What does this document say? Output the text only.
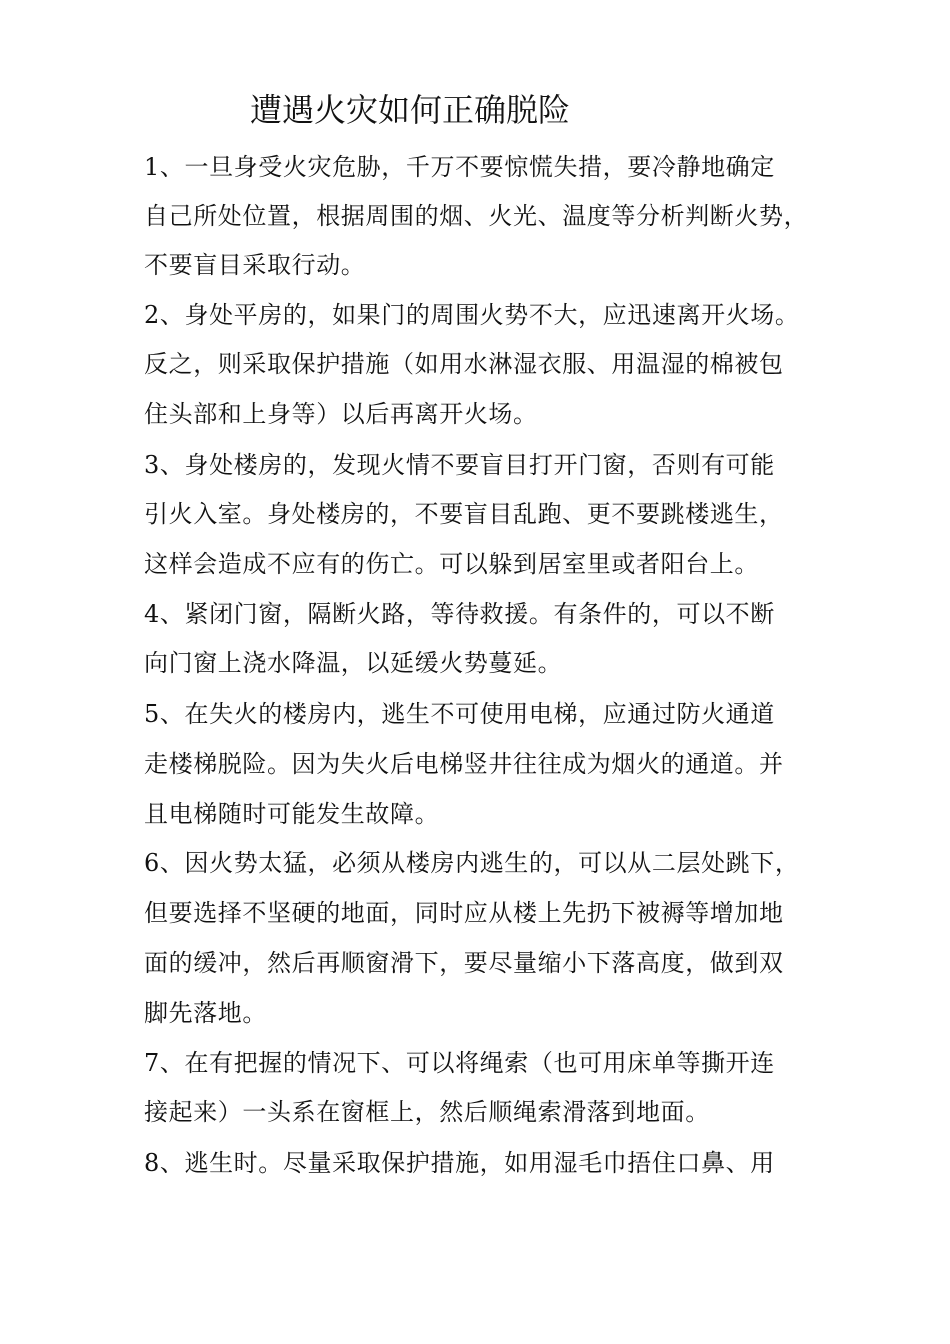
遭遇火灾如何正确脱险
1、一旦身受火灾危胁，千万不要惊慌失措，要冷静地确定
自己所处位置，根据周围的烟、火光、温度等分析判断火势，
不要盲目采取行动。
2、身处平房的，如果门的周围火势不大，应迅速离开火场。
反之，则采取保护措施（如用水淋湿衣服、用温湿的棉被包
住头部和上身等）以后再离开火场。
3、身处楼房的，发现火情不要盲目打开门窗，否则有可能
引火入室。身处楼房的，不要盲目乱跑、更不要跳楼逃生，
这样会造成不应有的伤亡。可以躲到居室里或者阳台上。
4、紧闭门窗，隔断火路，等待救援。有条件的，可以不断
向门窗上浇水降温，以延缓火势蔓延。
5、在失火的楼房内，逃生不可使用电梯，应通过防火通道
走楼梯脱险。因为失火后电梯竖井往往成为烟火的通道。并
且电梯随时可能发生故障。
6、因火势太猛，必须从楼房内逃生的，可以从二层处跳下，
但要选择不坚硬的地面，同时应从楼上先扔下被褥等增加地
面的缓冲，然后再顺窗滑下，要尽量缩小下落高度，做到双
脚先落地。
7、在有把握的情况下、可以将绳索（也可用床单等撕开连
接起来）一头系在窗框上，然后顺绳索滑落到地面。
8、逃生时。尽量采取保护措施，如用湿毛巾捂住口鼻、用
